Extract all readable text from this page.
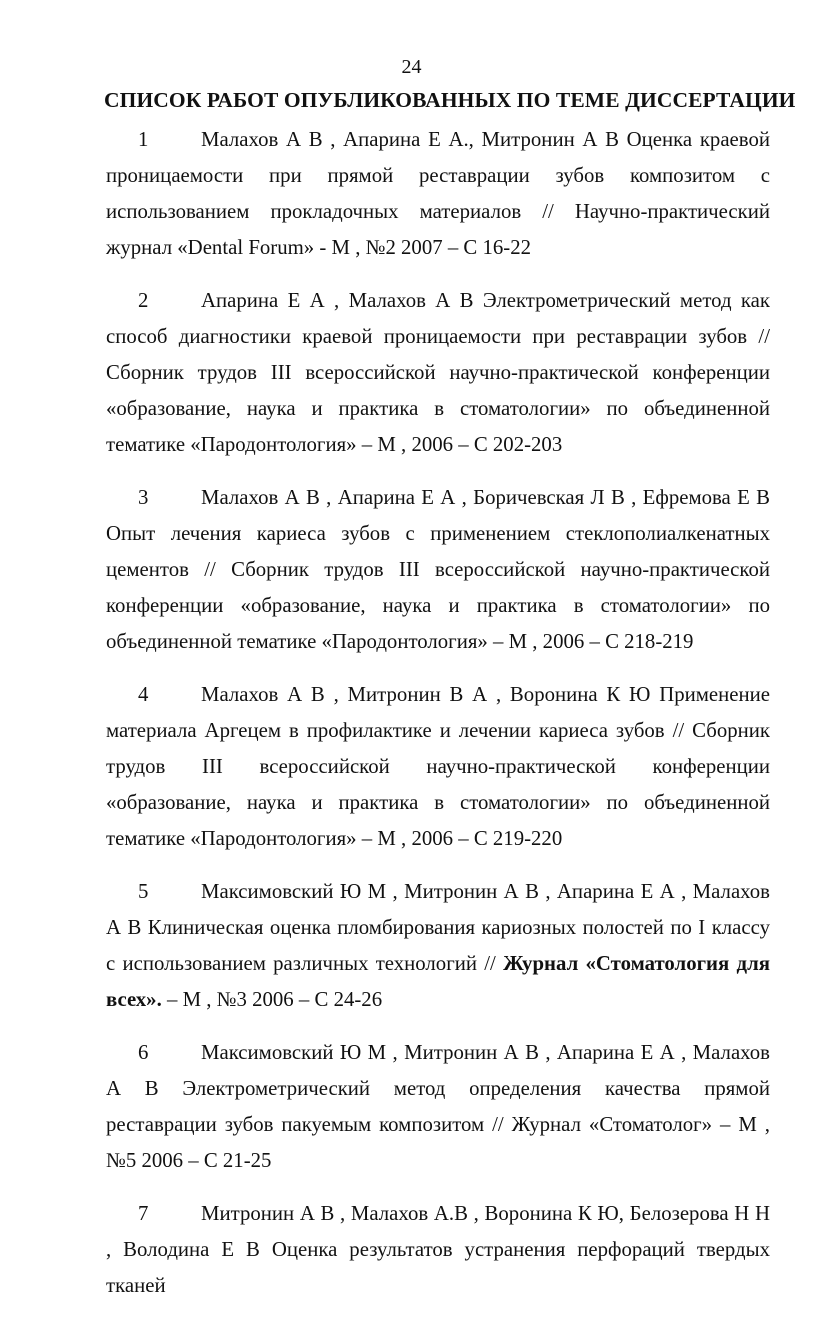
24
СПИСОК РАБОТ ОПУБЛИКОВАННЫХ ПО ТЕМЕ ДИССЕРТАЦИИ

1	Малахов А В , Апарина Е А., Митронин А В Оценка краевой проницаемости при прямой реставрации зубов композитом с использованием прокладочных материалов // Научно-практический журнал «Dental Forum» - М , №2 2007 – С 16-22

2	Апарина Е А , Малахов А В Электрометрический метод как способ диагностики краевой проницаемости при реставрации зубов // Сборник трудов III всероссийской научно-практической конференции «образование, наука и практика в стоматологии» по объединенной тематике «Пародонтология» – М , 2006 – С 202-203

3	Малахов А В , Апарина Е А , Боричевская Л В , Ефремова Е В Опыт лечения кариеса зубов с применением стеклополиалкенатных цементов // Сборник трудов III всероссийской научно-практической конференции «образование, наука и практика в стоматологии» по объединенной тематике «Пародонтология» – М , 2006 – С 218-219

4	Малахов А В , Митронин В А , Воронина К Ю Применение материала Аргецем в профилактике и лечении кариеса зубов // Сборник трудов III всероссийской научно-практической конференции «образование, наука и практика в стоматологии» по объединенной тематике «Пародонтология» – М , 2006 – С 219-220

5	Максимовский Ю М , Митронин А В , Апарина Е А , Малахов А В Клиническая оценка пломбирования кариозных полостей по I классу с использованием различных технологий // Журнал «Стоматология для всех». – М , №3 2006 – С 24-26

6	Максимовский Ю М , Митронин А В , Апарина Е А , Малахов А В Электрометрический метод определения качества прямой реставрации зубов пакуемым композитом // Журнал «Стоматолог» – М , №5 2006 – С 21-25

7	Митронин А В , Малахов А.В , Воронина К Ю, Белозерова Н Н , Володина Е В Оценка результатов устранения перфораций твердых тканей
